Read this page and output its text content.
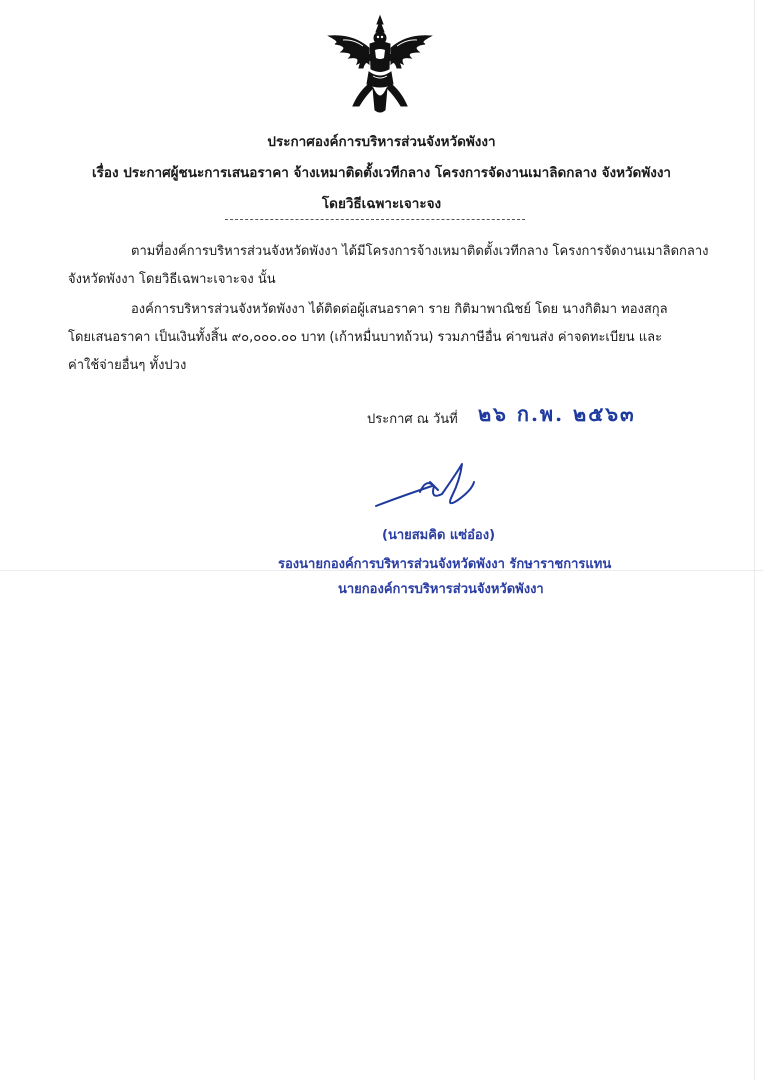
ประกาศองค์การบริหารส่วนจังหวัดพังงา
เรื่อง ประกาศผู้ชนะการเสนอราคา จ้างเหมาติดตั้งเวทีกลาง โครงการจัดงานเมาลิดกลาง จังหวัดพังงา
โดยวิธีเฉพาะเจาะจง
ตามที่องค์การบริหารส่วนจังหวัดพังงา ได้มีโครงการจ้างเหมาติดตั้งเวทีกลาง โครงการจัดงานเมาลิดกลาง
จังหวัดพังงา โดยวิธีเฉพาะเจาะจง นั้น
องค์การบริหารส่วนจังหวัดพังงา ได้ติดต่อผู้เสนอราคา ราย กิติมาพาณิชย์ โดย นางกิติมา ทองสกุล
โดยเสนอราคา เป็นเงินทั้งสิ้น ๙๐,๐๐๐.๐๐ บาท (เก้าหมื่นบาทถ้วน) รวมภาษีอื่น ค่าขนส่ง ค่าจดทะเบียน และ
ค่าใช้จ่ายอื่นๆ ทั้งปวง
ประกาศ ณ วันที่ ๒๖ ก.พ. ๒๕๖๓
(นายสมคิด แซ่อ๋อง)
รองนายกองค์การบริหารส่วนจังหวัดพังงา รักษาราชการแทน
นายกองค์การบริหารส่วนจังหวัดพังงา
